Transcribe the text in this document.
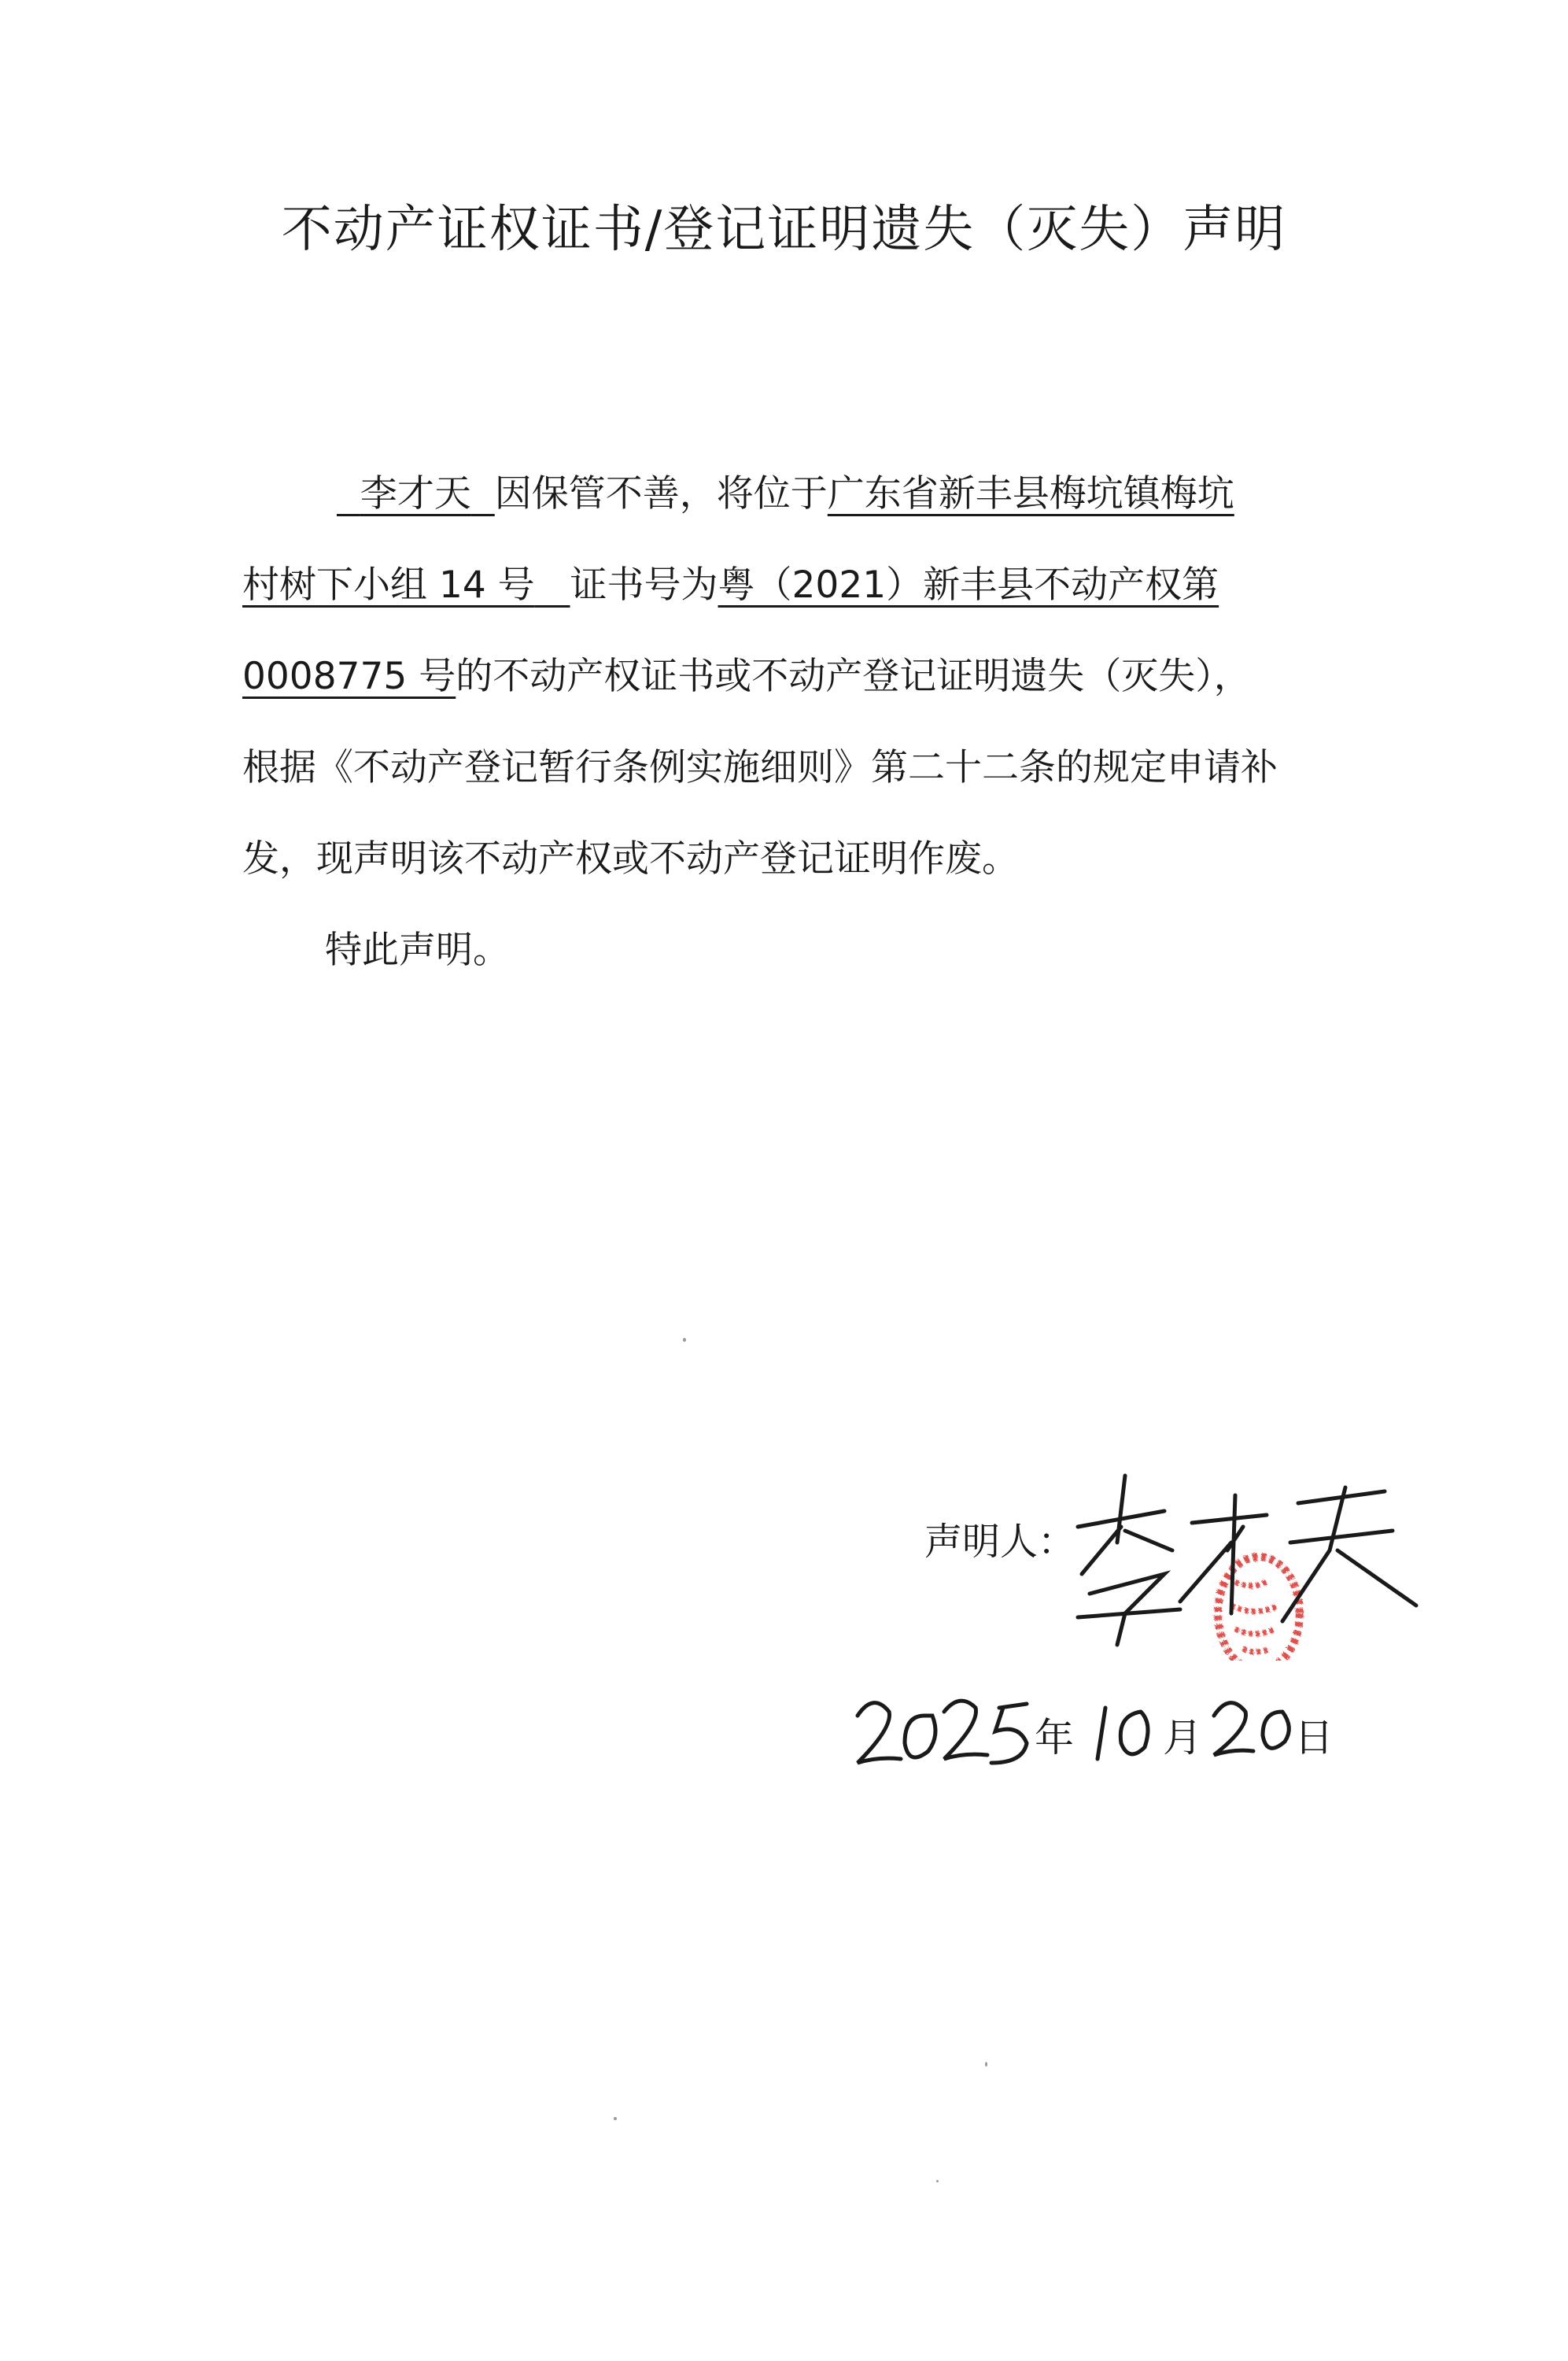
不动产证权证书/登记证明遗失（灭失）声明
李才天 因保管不善，将位于广东省新丰县梅坑镇梅坑
村树下小组 14 号 证书号为粤（2021）新丰县不动产权第
0008775 号的不动产权证书或不动产登记证明遗失（灭失），
根据《不动产登记暂行条例实施细则》第二十二条的规定申请补
发，现声明该不动产权或不动产登记证明作废。
特此声明。
声明人：
年 月 日
